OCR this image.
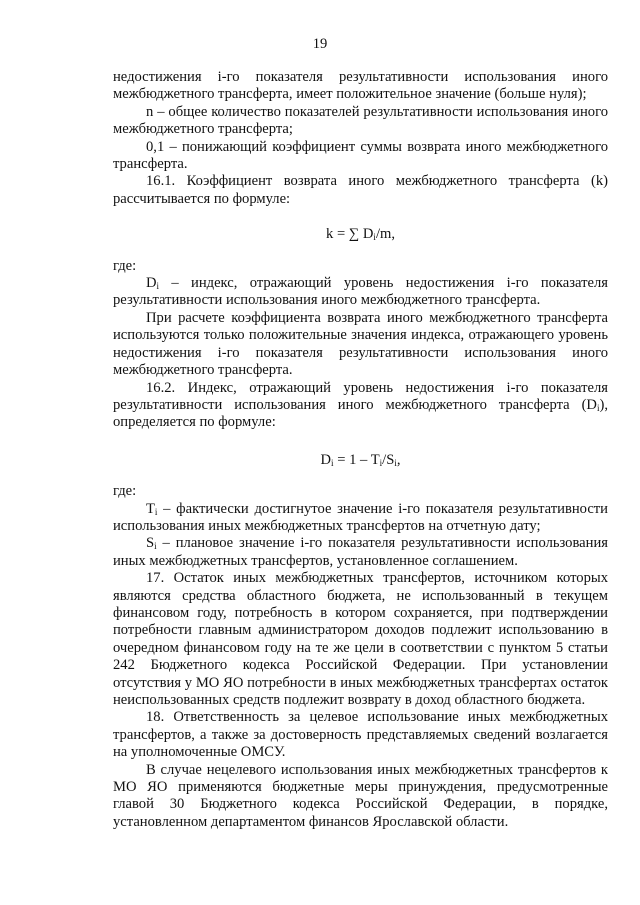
19

недостижения i-го показателя результативности использования иного межбюджетного трансферта, имеет положительное значение (больше нуля);

n – общее количество показателей результативности использования иного межбюджетного трансферта;

0,1 – понижающий коэффициент суммы возврата иного межбюджетного трансферта.

16.1. Коэффициент возврата иного межбюджетного трансферта (k) рассчитывается по формуле:

k = ∑ $D_i/m$,

где:

$D_i$ – индекс, отражающий уровень недостижения i-го показателя результативности использования иного межбюджетного трансферта.

При расчете коэффициента возврата иного межбюджетного трансферта используются только положительные значения индекса, отражающего уровень недостижения i-го показателя результативности использования иного межбюджетного трансферта.

16.2. Индекс, отражающий уровень недостижения i-го показателя результативности использования иного межбюджетного трансферта $(D_i)$, определяется по формуле:

$D_i = 1 - T_i/S_i$,

где:

$T_i$ – фактически достигнутое значение i-го показателя результативности использования иных межбюджетных трансфертов на отчетную дату;

$S_i$ – плановое значение i-го показателя результативности использования иных межбюджетных трансфертов, установленное соглашением.

17. Остаток иных межбюджетных трансфертов, источником которых являются средства областного бюджета, не использованный в текущем финансовом году, потребность в котором сохраняется, при подтверждении потребности главным администратором доходов подлежит использованию в очередном финансовом году на те же цели в соответствии с пунктом 5 статьи 242 Бюджетного кодекса Российской Федерации. При установлении отсутствия у МО ЯО потребности в иных межбюджетных трансфертах остаток неиспользованных средств подлежит возврату в доход областного бюджета.

18. Ответственность за целевое использование иных межбюджетных трансфертов, а также за достоверность представляемых сведений возлагается на уполномоченные ОМСУ.

В случае нецелевого использования иных межбюджетных трансфертов к МО ЯО применяются бюджетные меры принуждения, предусмотренные главой 30 Бюджетного кодекса Российской Федерации, в порядке, установленном департаментом финансов Ярославской области.
